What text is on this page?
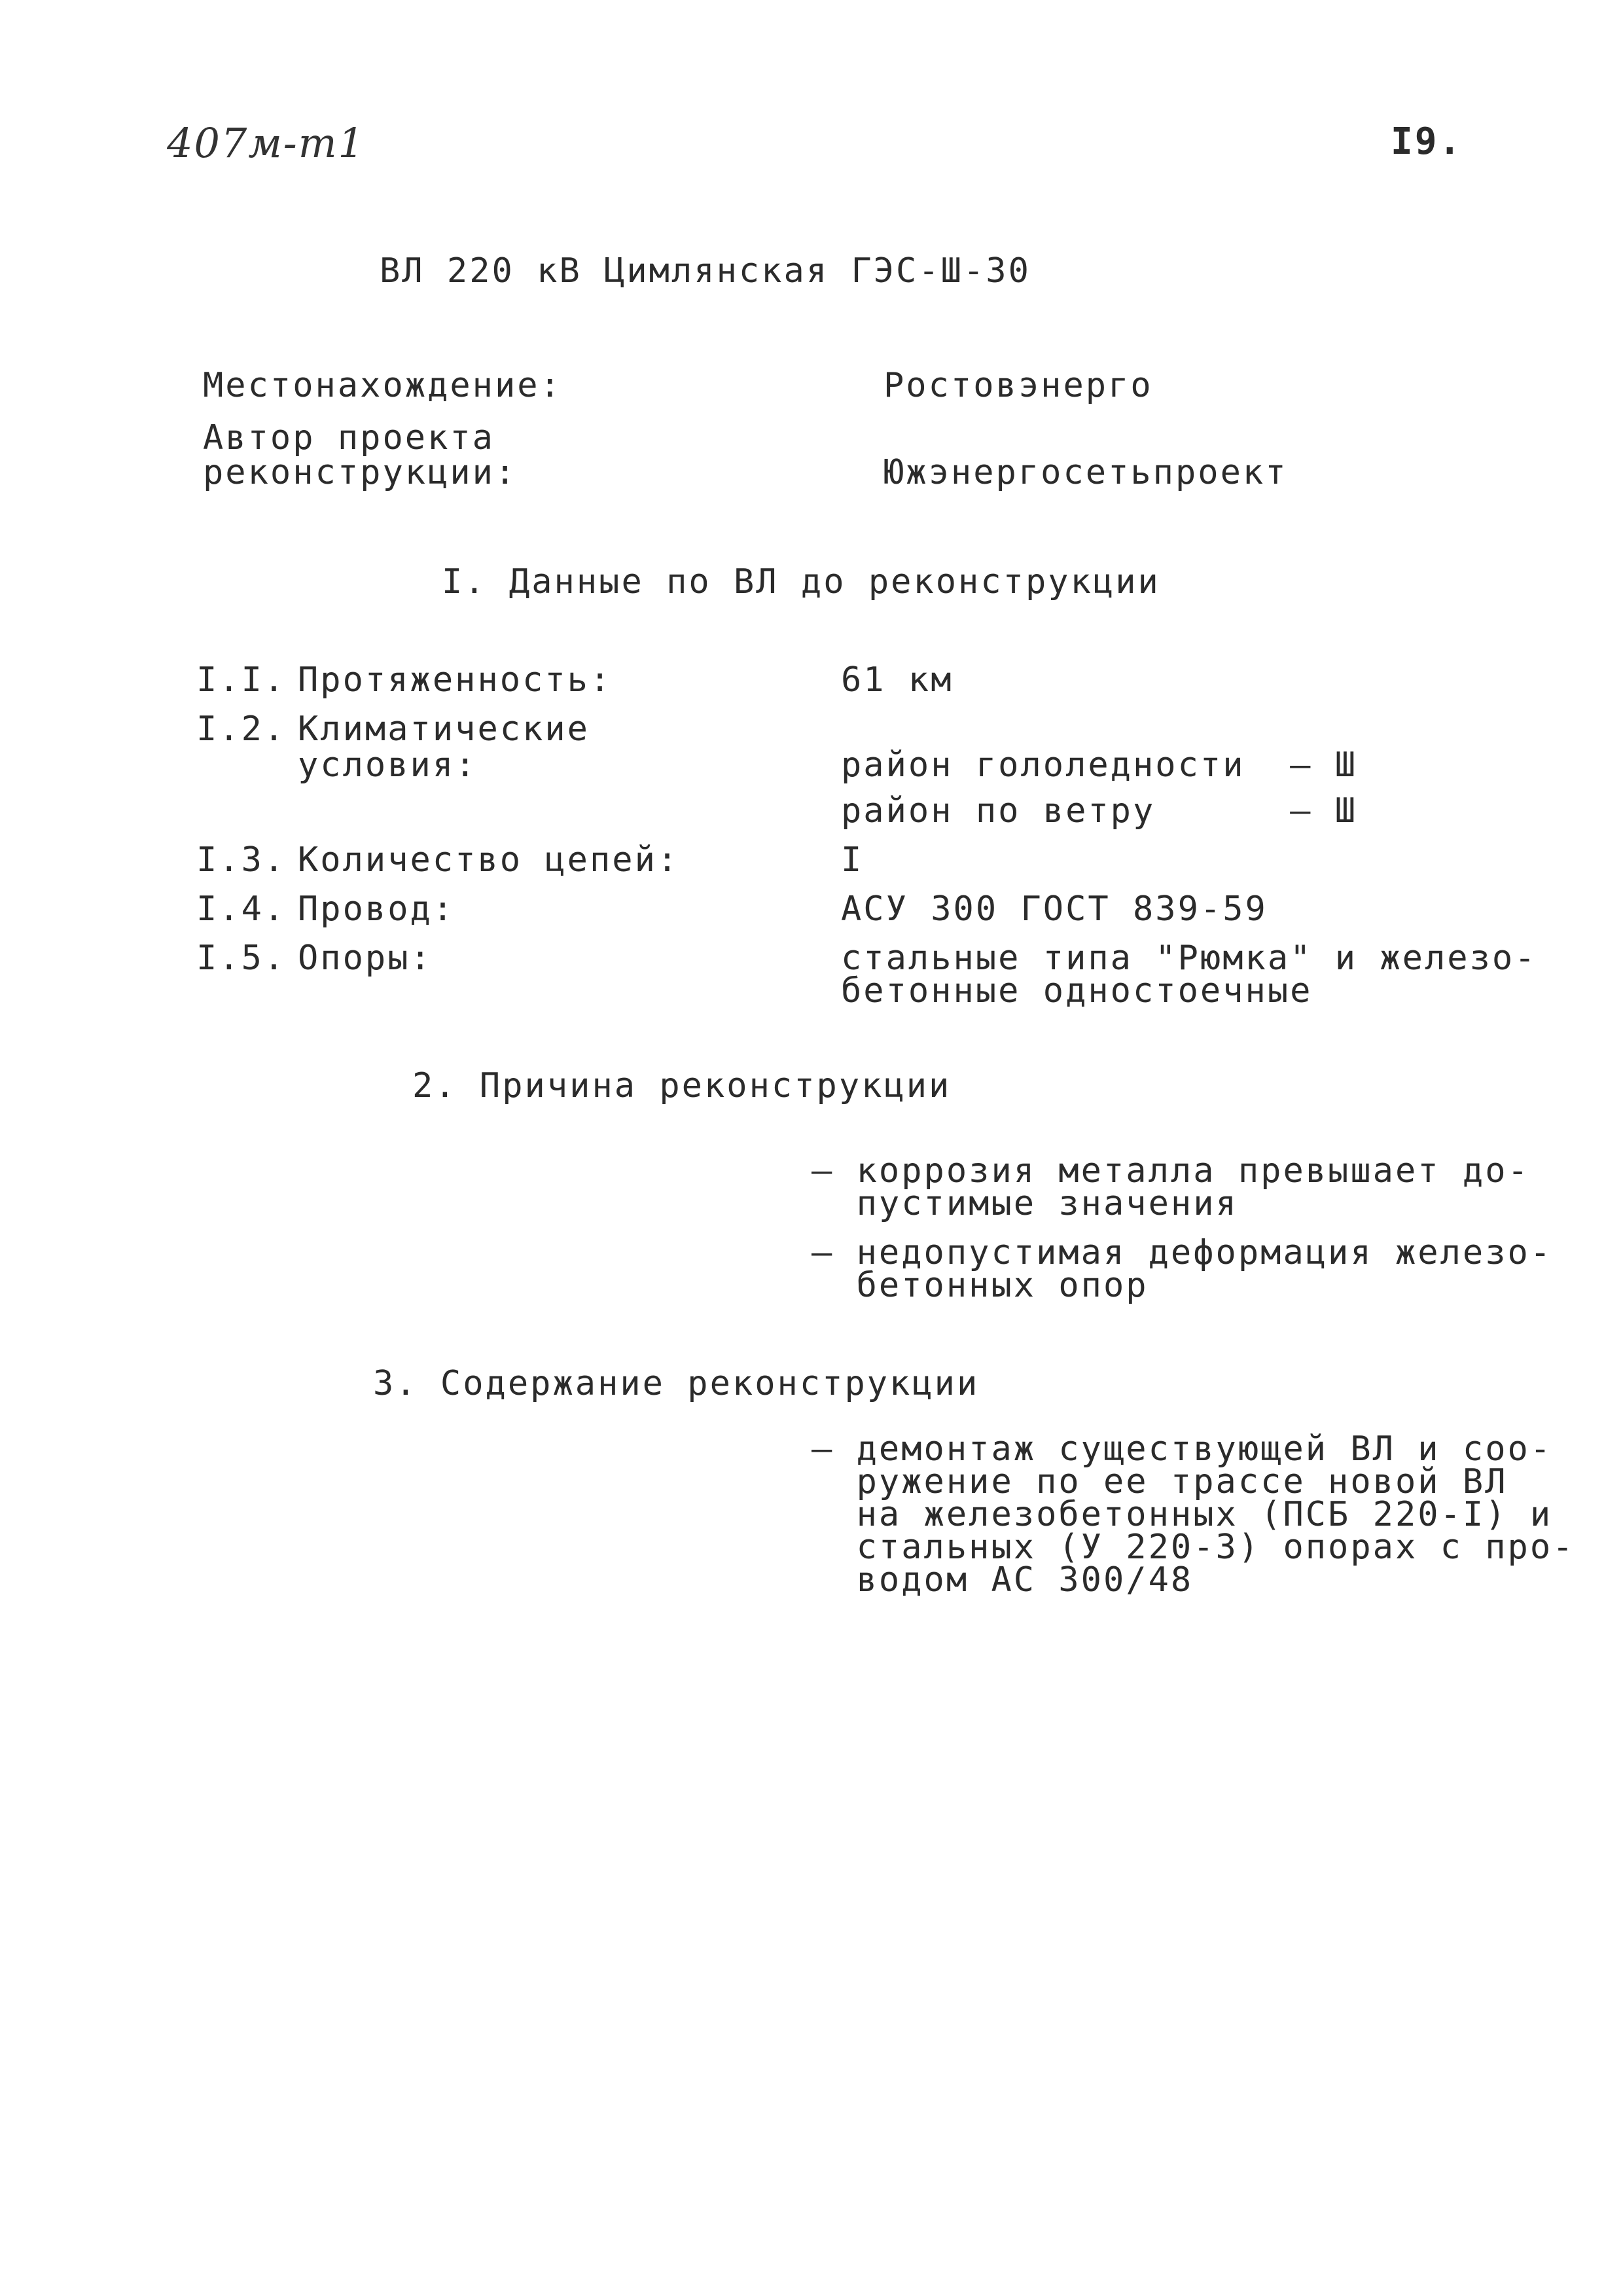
407м-т1	I9.
ВЛ 220 кВ Цимлянская ГЭС-Ш-30
Местонахождение:	Ростовэнерго
Автор проекта
реконструкции:	Южэнергосетьпроект
I. Данные по ВЛ до реконструкции
I.I. Протяженность:	61 км
I.2. Климатические
условия:	район гололедности  – Ш
район по ветру      – Ш
I.3. Количество цепей:	I
I.4. Провод:	АСУ 300 ГОСТ 839-59
I.5. Опоры:	стальные типа "Рюмка" и железо-
бетонные одностоечные
2. Причина реконструкции
– коррозия металла превышает до-
пустимые значения
– недопустимая деформация железо-
бетонных опор
3. Содержание реконструкции
– демонтаж существующей ВЛ и соо-
ружение по ее трассе новой ВЛ
на железобетонных (ПСБ 220-I) и
стальных (У 220-3) опорах с про-
водом АС 300/48
